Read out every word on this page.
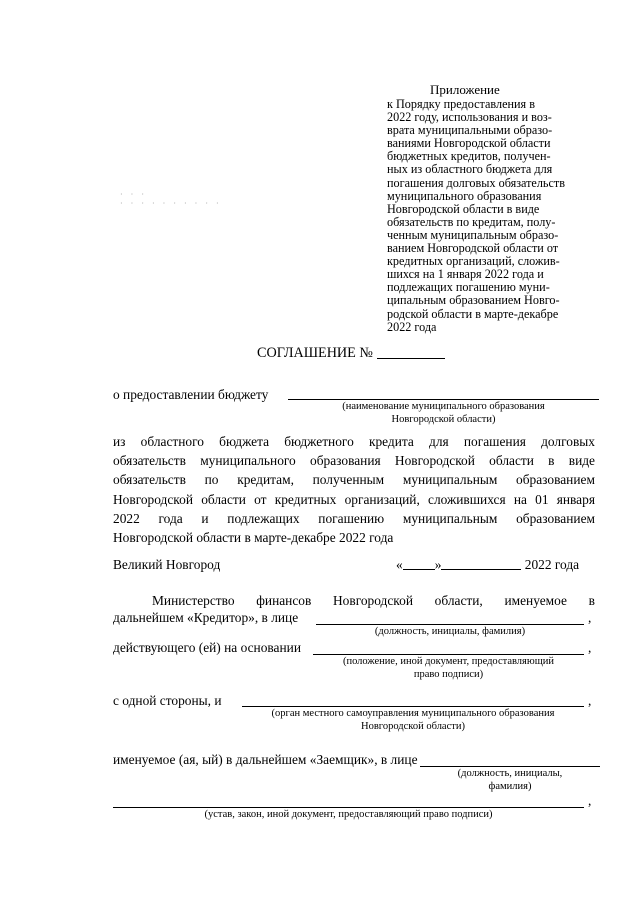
Приложение
к Порядку предоставления в
2022 году, использования и воз-
врата муниципальными образо-
ваниями Новгородской области
бюджетных кредитов, получен-
ных из областного бюджета для
погашения долговых обязательств
муниципального образования
Новгородской области в виде
обязательств по кредитам, полу-
ченным муниципальным образо-
ванием Новгородской области от
кредитных организаций, сложив-
шихся на 1 января 2022 года и
подлежащих погашению муни-
ципальным образованием Новго-
родской области в марте-декабре
2022 года
· · ·
· · · · · · · · · ·
СОГЛАШЕНИЕ №
о предоставлении бюджету
(наименование муниципального образования
Новгородской области)
из областного бюджета бюджетного кредита для погашения долговых
обязательств муниципального образования Новгородской области в виде
обязательств по кредитам, полученным муниципальным образованием
Новгородской области от кредитных организаций, сложившихся на 01 января
2022 года и подлежащих погашению муниципальным образованием
Новгородской области в марте-декабре 2022 года
Великий Новгород	« »	2022 года
Министерство финансов Новгородской области, именуемое в
дальнейшем «Кредитор», в лице	,
(должность, инициалы, фамилия)
действующего (ей) на основании	,
(положение, иной документ, предоставляющий
право подписи)
с одной стороны, и	,
(орган местного самоуправления муниципального образования
Новгородской области)
именуемое (ая, ый) в дальнейшем «Заемщик», в лице
(должность, инициалы,
фамилия)
,
(устав, закон, иной документ, предоставляющий право подписи)
